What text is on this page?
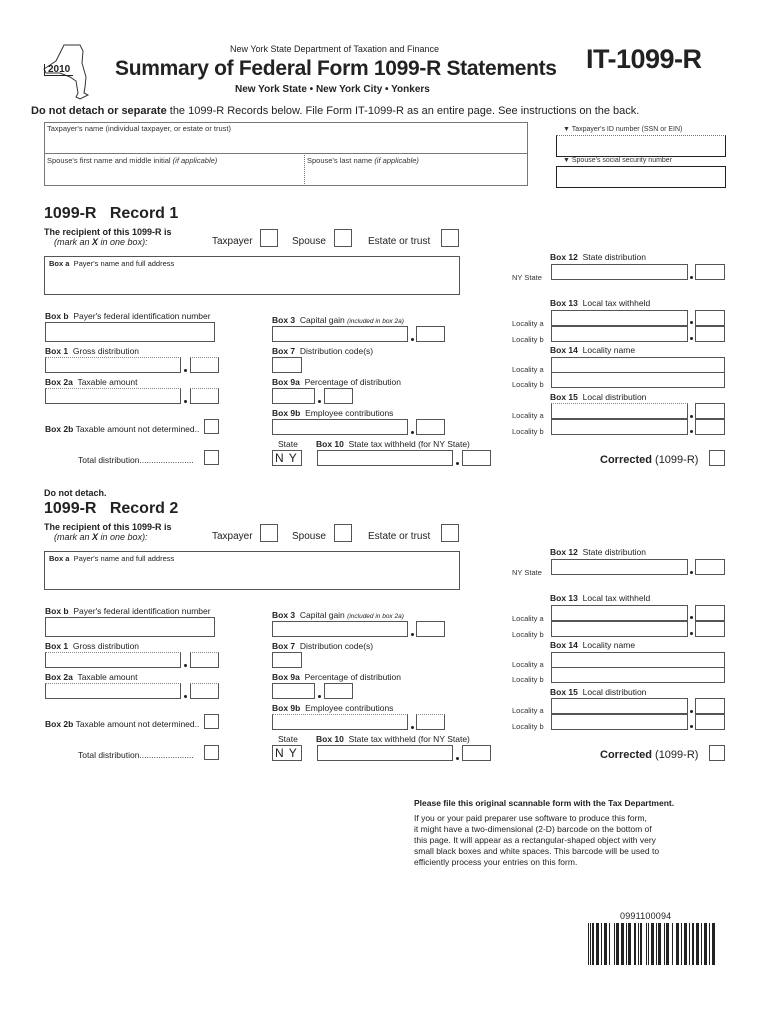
2010
New York State Department of Taxation and Finance
Summary of Federal Form 1099-R Statements IT-1099-R
New York State • New York City • Yonkers
Do not detach or separate the 1099-R Records below. File Form IT-1099-R as an entire page. See instructions on the back.
Taxpayer's name (individual taxpayer, or estate or trust)
Spouse's first name and middle initial (if applicable)	Spouse's last name (if applicable)
▼ Taxpayer's ID number (SSN or EIN)
▼ Spouse's social security number
1099-R Record 1
The recipient of this 1099-R is
(mark an X in one box):	Taxpayer	Spouse	Estate or trust
Box a Payer's name and full address
Box b Payer's federal identification number
Box 1 Gross distribution
Box 2a Taxable amount
Box 2b Taxable amount not determined..
Total distribution.......................
Box 3 Capital gain (included in box 2a)
Box 7 Distribution code(s)
Box 9a Percentage of distribution
Box 9b Employee contributions
State Box 10 State tax withheld (for NY State)
N Y
Box 12 State distribution
NY State
Box 13 Local tax withheld
Locality a
Locality b
Box 14 Locality name
Locality a
Locality b
Box 15 Local distribution
Locality a
Locality b
Corrected (1099-R)
Do not detach.
1099-R Record 2
The recipient of this 1099-R is
(mark an X in one box):	Taxpayer	Spouse	Estate or trust
Box a Payer's name and full address
Box b Payer's federal identification number
Box 1 Gross distribution
Box 2a Taxable amount
Box 2b Taxable amount not determined..
Total distribution.......................
Box 3 Capital gain (included in box 2a)
Box 7 Distribution code(s)
Box 9a Percentage of distribution
Box 9b Employee contributions
State Box 10 State tax withheld (for NY State)
N Y
Box 12 State distribution
NY State
Box 13 Local tax withheld
Locality a
Locality b
Box 14 Locality name
Locality a
Locality b
Box 15 Local distribution
Locality a
Locality b
Corrected (1099-R)
Please file this original scannable form with the Tax Department.
If you or your paid preparer use software to produce this form,
it might have a two-dimensional (2-D) barcode on the bottom of
this page. It will appear as a rectangular-shaped object with very
small black boxes and white spaces. This barcode will be used to
efficiently process your entries on this form.
0991100094
